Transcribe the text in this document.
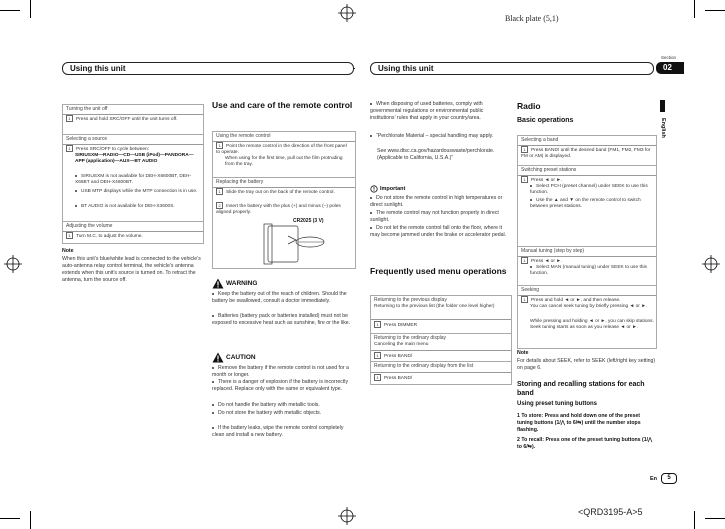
Black plate (5,1)
Section
02
Using this unit	Using this unit
English
Turning the unit off
1 Press and hold SRC/OFF until the unit turns off.
Selecting a source
1 Press SRC/OFF to cycle between:
SIRIUSXM—RADIO—CD—USB (iPod)—PANDORA—APP (application)—AUX—BT AUDIO
SIRIUSXM is not available for DEH-X6600BT, DEH-X66BT and DEH-X4600BT.
USB MTP displays while the MTP connection is in use.
BT AUDIO is not available for DEH-X3600S.
Adjusting the volume
1 Turn M.C. to adjust the volume.
Note
When this unit’s blue/white lead is connected to the vehicle’s auto-antenna relay control terminal, the vehicle’s antenna extends when this unit’s source is turned on. To retract the antenna, turn the source off.
Use and care of the remote control
Using the remote control
1 Point the remote control in the direction of the front panel to operate.
When using for the first time, pull out the film protruding from the tray.
Replacing the battery
1 Slide the tray out on the back of the remote control.
2 Insert the battery with the plus (+) and minus (–) poles aligned properly.
CR2025 (3 V)
WARNING
Keep the battery out of the reach of children. Should the battery be swallowed, consult a doctor immediately.
Batteries (battery pack or batteries installed) must not be exposed to excessive heat such as sunshine, fire or the like.
CAUTION
Remove the battery if the remote control is not used for a month or longer.
There is a danger of explosion if the battery is incorrectly replaced. Replace only with the same or equivalent type.
Do not handle the battery with metallic tools.
Do not store the battery with metallic objects.
If the battery leaks, wipe the remote control completely clean and install a new battery.
When disposing of used batteries, comply with governmental regulations or environmental public institutions’ rules that apply in your country/area.
“Perchlorate Material – special handling may apply.
See www.dtsc.ca.gov/hazardouswaste/perchlorate. (Applicable to California, U.S.A.)”
Important
Do not store the remote control in high temperatures or direct sunlight.
The remote control may not function properly in direct sunlight.
Do not let the remote control fall onto the floor, where it may become jammed under the brake or accelerator pedal.
Frequently used menu operations
Returning to the previous display
Returning to the previous list (the folder one level higher)
1 Press DIMMER
Returning to the ordinary display
Canceling the main menu
1 Press BAND/
Returning to the ordinary display from the list
1 Press BAND/
Radio
Basic operations
Selecting a band
1 Press BAND/ until the desired band (FM1, FM2, FM3 for FM or AM) is displayed.
Switching preset stations
1 Press ◄ or ►.
Select PCH (preset channel) under SEEK to use this function.
Use the ▲ and ▼ on the remote control to switch between preset stations.
Manual tuning (step by step)
1 Press ◄ or ►.
Select MAN (manual tuning) under SEEK to use this function.
Seeking
1 Press and hold ◄ or ►, and then release.
You can cancel seek tuning by briefly pressing ◄ or ►.
While pressing and holding ◄ or ►, you can skip stations. Seek tuning starts as soon as you release ◄ or ►.
Note
For details about SEEK, refer to SEEK (left/right key setting) on page 6.
Storing and recalling stations for each band
Using preset tuning buttons
1 To store: Press and hold down one of the preset tuning buttons (1/⋀ to 6/⇆) until the number stops flashing.
2 To recall: Press one of the preset tuning buttons (1/⋀ to 6/⇆).
En	5
<QRD3195-A>5
